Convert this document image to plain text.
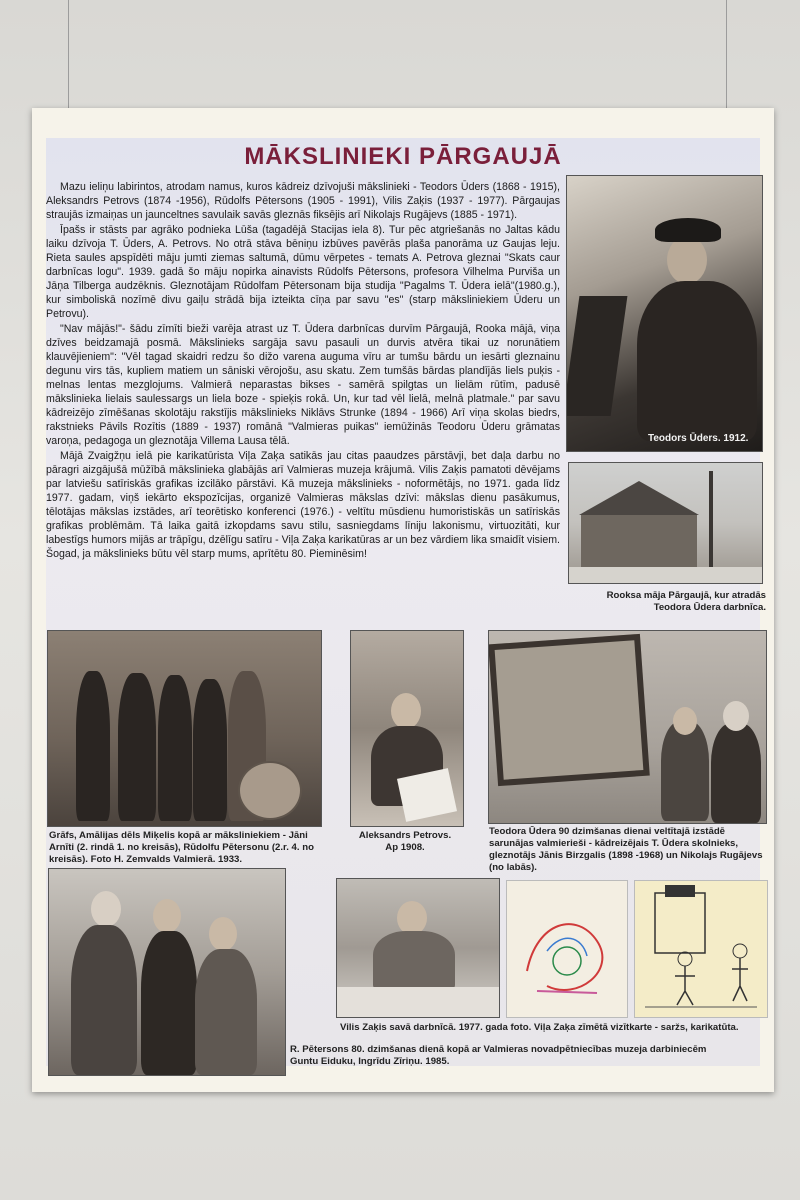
MĀKSLINIEKI PĀRGAUJĀ

Mazu ieliņu labirintos, atrodam namus, kuros kādreiz dzīvojuši mākslinieki - Teodors Ūders (1868 - 1915), Aleksandrs Petrovs (1874 -1956), Rūdolfs Pētersons (1905 - 1991), Vilis Zaķis (1937 - 1977). Pārgaujas straujās izmaiņas un jaunceltnes savulaik savās gleznās fiksējis arī Nikolajs Rugājevs (1885 - 1971).

Īpašs ir stāsts par agrāko podnieka Lūša (tagadējā Stacijas iela 8). Tur pēc atgriešanās no Jaltas kādu laiku dzīvoja T. Ūders, A. Petrovs. No otrā stāva bēniņu izbūves pavērās plaša panorāma uz Gaujas leju. Rieta saules apspīdēti māju jumti ziemas saltumā, dūmu vērpetes - temats A. Petrova gleznai "Skats caur darbnīcas logu". 1939. gadā šo māju nopirka ainavists Rūdolfs Pētersons, profesora Vilhelma Purviša un Jāņa Tilberga audzēknis. Gleznotājam Rūdolfam Pētersonam bija studija "Pagalms T. Ūdera ielā"(1980.g.), kur simboliskā nozīmē divu gaiļu strādā bija izteikta cīņa par savu "es" (starp māksliniekiem Ūderu un Petrovu).

"Nav mājās!"- šādu zīmīti bieži varēja atrast uz T. Ūdera darbnīcas durvīm Pārgaujā, Rooka mājā, viņa dzīves beidzamajā posmā. Mākslinieks sargāja savu pasauli un durvis atvēra tikai uz norunātiem klauvējieniem": "Vēl tagad skaidri redzu šo dižo varena auguma vīru ar tumšu bārdu un iesārti gleznainu degunu virs tās, kupliem matiem un sāniski vērojošu, asu skatu. Zem tumšās bārdas plandījās liels puķis -melnas lentas mezglojums. Valmierā neparastas bikses - samērā spilgtas un lielām rūtīm, padusē mākslinieka lielais saulessargs un liela boze - spieķis rokā. Un, kur tad vēl lielā, melnā platmale." par savu kādreizējo zīmēšanas skolotāju rakstījis mākslinieks Niklāvs Strunke (1894 - 1966) Arī viņa skolas biedrs, rakstnieks Pāvils Rozītis (1889 - 1937) romānā "Valmieras puikas" iemūžinās Teodoru Ūderu grāmatas varoņa, pedagoga un gleznotāja Villema Lausa tēlā.

Mājā Zvaigžņu ielā pie karikatūrista Viļa Zaķa satikās jau citas paaudzes pārstāvji, bet daļa darbu no pāragri aizgājušā mūžībā mākslinieka glabājās arī Valmieras muzeja krājumā. Vilis Zaķis pamatoti dēvējams par latviešu satīriskās grafikas izcilāko pārstāvi. Kā muzeja mākslinieks - noformētājs, no 1971. gada līdz 1977. gadam, viņš iekārto ekspozīcijas, organizē Valmieras mākslas dzīvi: mākslas dienu pasākumus, tēlotājas mākslas izstādes, arī teorētisko konferenci (1976.) - veltītu mūsdienu humoristiskās un satīriskās grafikas problēmām. Tā laika gaitā izkopdams savu stilu, sasniegdams līniju lakonismu, virtuozitāti, kur labestīgs humors mijās ar trāpīgu, dzēlīgu satīru - Viļa Zaķa karikatūras ar un bez vārdiem lika smaidīt visiem. Šogad, ja mākslinieks būtu vēl starp mums, aprītētu 80. Pieminēsim!

Teodors Ūders. 1912.
Rooksa māja Pārgaujā, kur atradās Teodora Ūdera darbnīca.
Grāfs, Amālijas dēls Miķelis kopā ar māksliniekiem - Jāni Arnīti (2. rindā 1. no kreisās), Rūdolfu Pētersonu (2.r. 4. no kreisās). Foto H. Zemvalds Valmierā. 1933.
Aleksandrs Petrovs. Ap 1908.
Teodora Ūdera 90 dzimšanas dienai veltītajā izstādē sarunājas valmierieši - kādreizējais T. Ūdera skolnieks, gleznotājs Jānis Birzgalis (1898 -1968) un Nikolajs Rugājevs (no labās).
Vilis Zaķis savā darbnīcā. 1977. gada foto. Viļa Zaķa zīmētā vizītkarte - saržs, karikatūta.
R. Pētersons 80. dzimšanas dienā kopā ar Valmieras novadpētniecības muzeja darbiniecēm Guntu Eiduku, Ingrīdu Zīriņu. 1985.
